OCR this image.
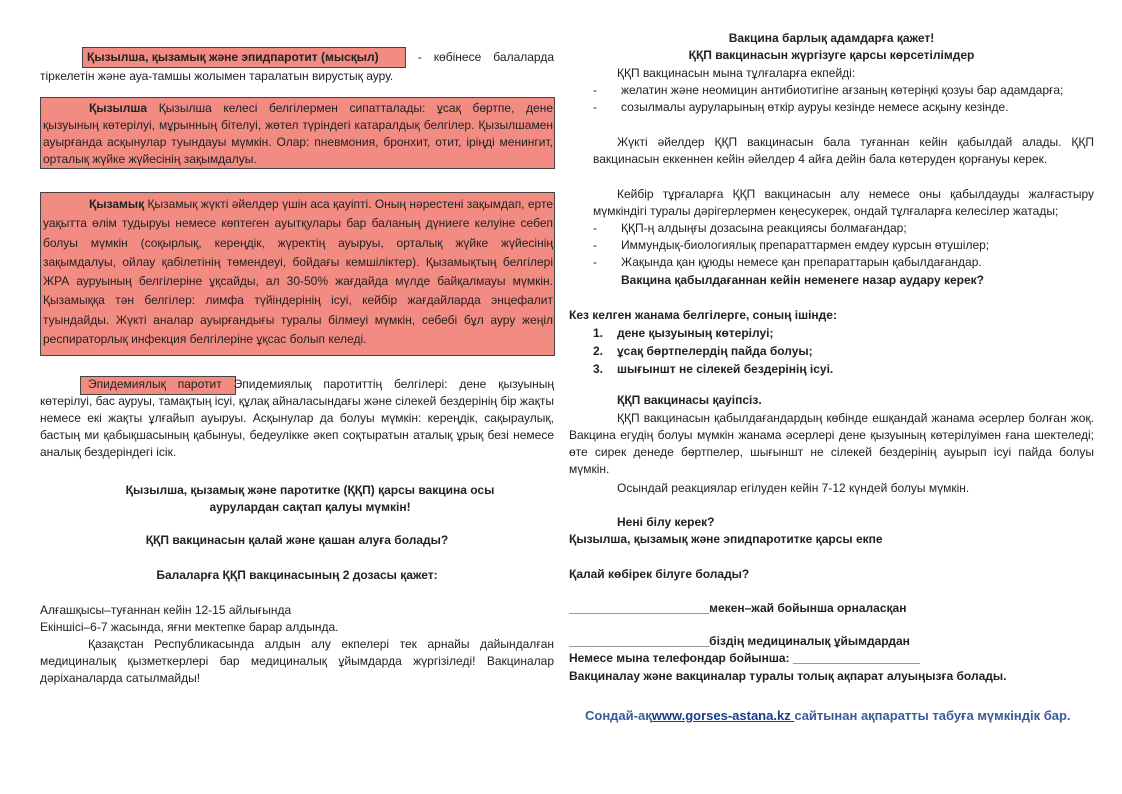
Қызылша, қызамық және эпидпаротит (мысқыл) - көбінесе балаларда тіркелетін және ауа-тамшы жолымен таралатын вирустық ауру.

Қызылша Қызылша келесі белгілермен сипатталады: ұсақ бөртпе, дене қызуының көтерілуі, мұрынның бітелуі, жөтел түріндегі катаралдық белгілер. Қызылшамен ауырғанда асқынулар туындауы мүмкін. Олар: пневмония, бронхит, отит, іріңді менингит, орталық жүйке жүйесінің зақымдалуы.

Қызамық Қызамық жүкті әйелдер үшін аса қауіпті. Оның нәрестені зақымдап, ерте уақытта өлім тудыруы немесе көптеген ауытқулары бар баланың дүниеге келуіне себеп болуы мүмкін (соқырлық, кереңдік, жүректің ауыруы, орталық жүйке жүйесінің зақымдалуы, ойлау қабілетінің төмендеуі, бойдағы кемшіліктер). Қызамықтың белгілері ЖРА ауруының белгілеріне ұқсайды, ал 30-50% жағдайда мүлде байқалмауы мүмкін. Қызамыққа тән белгілер: лимфа түйіндерінің ісуі, кейбір жағдайларда энцефалит туындайды. Жүкті аналар ауырғандығы туралы білмеуі мүмкін, себебі бұл ауру жеңіл респираторлық инфекция белгілеріне ұқсас болып келеді.

Эпидемиялық паротит Эпидемиялық паротиттің белгілері: дене қызуының көтерілуі, бас ауруы, тамақтың ісуі, құлақ айналасындағы және сілекей бездерінің бір жақты немесе екі жақты ұлғайып ауыруы. Асқынулар да болуы мүмкін: кереңдік, сақыраулық, бастың ми қабықшасының қабынуы, бедеулікке әкеп соқтыратын аталық ұрық безі немесе аналық бездеріндегі ісік.

Қызылша, қызамық және паротитке (ҚҚП) қарсы вакцина осы аурулардан сақтап қалуы мүмкін!
ҚҚП вакцинасын қалай және қашан алуға болады?
Балаларға ҚҚП вакцинасының 2 дозасы қажет:
Алғашқысы–туғаннан кейін 12-15 айлығында
Екіншісі–6-7 жасында, яғни мектепке барар алдында.

Қазақстан Республикасында алдын алу екпелері тек арнайы дайындалған медициналық қызметкерлері бар медициналық ұйымдарда жүргізіледі! Вакциналар дәріханаларда сатылмайды!

Вакцина барлық адамдарға қажет!
ҚҚП вакцинасын жүргізуге қарсы көрсетілімдер
ҚҚП вакцинасын мына тұлғаларға екпейді:
- желатин және неомицин антибиотигіне ағзаның көтеріңкі қозуы бар адамдарға;
- созылмалы ауруларының өткір ауруы кезінде немесе асқыну кезінде.

Жүкті әйелдер ҚҚП вакцинасын бала туғаннан кейін қабылдай алады. ҚҚП вакцинасын еккеннен кейін әйелдер 4 айға дейін бала көтеруден қорғануы керек.

Кейбір тұрғаларға ҚҚП вакцинасын алу немесе оны қабылдауды жалғастыру мүмкіндігі туралы дәрігерлермен кеңесукерек, ондай тұлғаларға келесілер жатады;

- ҚҚП-ң алдыңғы дозасына реакциясы болмағандар;
- Иммундық-биологиялық препараттармен емдеу курсын өтушілер;
- Жақында қан құюды немесе қан препараттарын қабылдағандар.
Вакцина қабылдағаннан кейін неменеге назар аудару керек?
Кез келген жанама белгілерге, соның ішінде:
1. дене қызуының көтерілуі;
2. ұсақ бөртпелердің пайда болуы;
3. шығыншт не сілекей бездерінің ісуі.
ҚҚП вакцинасы қауіпсіз.

ҚҚП вакцинасын қабылдағандардың көбінде ешқандай жанама әсерлер болған жоқ. Вакцина егудің болуы мүмкін жанама әсерлері дене қызуының көтерілуімен ғана шектеледі; өте сирек денеде бөртпелер, шығыншт не сілекей бездерінің ауырып ісуі пайда болуы мүмкін.

Осындай реакциялар егілуден кейін 7-12 күндей болуы мүмкін.
Нені білу керек?
Қызылша, қызамық және эпидпаротитке қарсы екпе
Қалай көбірек білуге болады?
_____________________мекен–жай бойынша орналасқан
_____________________біздің медициналық ұйымдардан
Немесе мына телефондар бойынша: ___________________
Вакциналау және вакциналар туралы толық ақпарат алуыңызға болады.
Сондай-ақwww.gorses-astana.kz сайтынан ақпаратты табуға мүмкіндік бар.
